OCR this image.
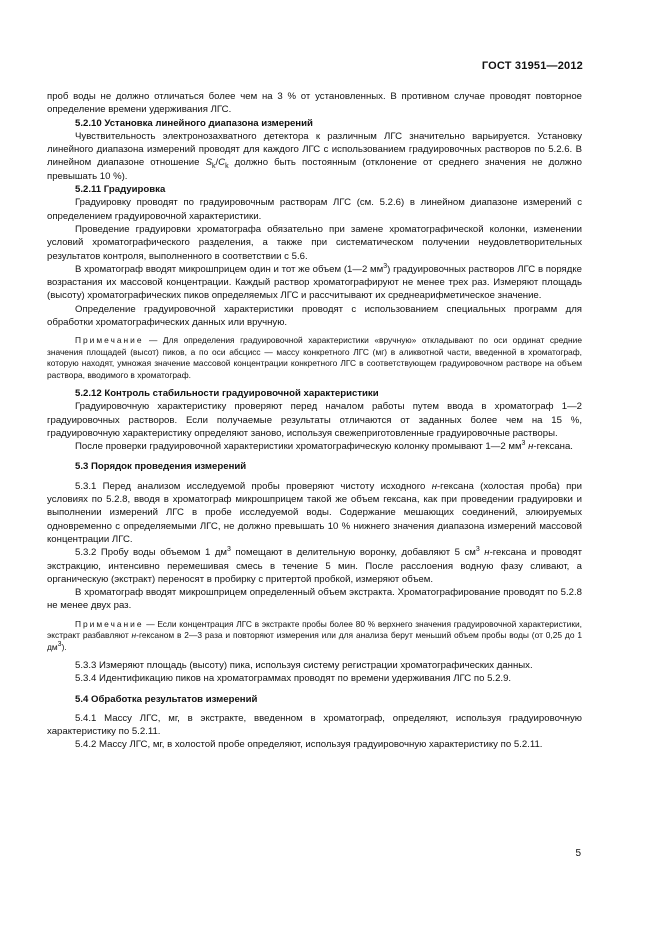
ГОСТ 31951—2012

проб воды не должно отличаться более чем на 3 % от установленных. В противном случае проводят повторное определение времени удерживания ЛГС.

5.2.10 Установка линейного диапазона измерений

Чувствительность электронозахватного детектора к различным ЛГС значительно варьируется. Установку линейного диапазона измерений проводят для каждого ЛГС с использованием градуировочных растворов по 5.2.6. В линейном диапазоне отношение $S_k/C_k$ должно быть постоянным (отклонение от среднего значения не должно превышать 10 %).

5.2.11 Градуировка

Градуировку проводят по градуировочным растворам ЛГС (см. 5.2.6) в линейном диапазоне измерений с определением градуировочной характеристики.

Проведение градуировки хроматографа обязательно при замене хроматографической колонки, изменении условий хроматографического разделения, а также при систематическом получении неудовлетворительных результатов контроля, выполненного в соответствии с 5.6.

В хроматограф вводят микрошприцем один и тот же объем (1—2 $мм^3$) градуировочных растворов ЛГС в порядке возрастания их массовой концентрации. Каждый раствор хроматографируют не менее трех раз. Измеряют площадь (высоту) хроматографических пиков определяемых ЛГС и рассчитывают их среднеарифметическое значение.

Определение градуировочной характеристики проводят с использованием специальных программ для обработки хроматографических данных или вручную.

Примечание — Для определения градуировочной характеристики «вручную» откладывают по оси ординат средние значения площадей (высот) пиков, а по оси абсцисс — массу конкретного ЛГС (мг) в аликвотной части, введенной в хроматограф, которую находят, умножая значение массовой концентрации конкретного ЛГС в соответствующем градуировочном растворе на объем раствора, вводимого в хроматограф.

5.2.12 Контроль стабильности градуировочной характеристики

Градуировочную характеристику проверяют перед началом работы путем ввода в хроматограф 1—2 градуировочных растворов. Если получаемые результаты отличаются от заданных более чем на 15 %, градуировочную характеристику определяют заново, используя свежеприготовленные градуировочные растворы.

После проверки градуировочной характеристики хроматографическую колонку промывают 1—2 $мм^3$ н-гексана.

5.3 Порядок проведения измерений

5.3.1 Перед анализом исследуемой пробы проверяют чистоту исходного н-гексана (холостая проба) при условиях по 5.2.8, вводя в хроматограф микрошприцем такой же объем гексана, как при проведении градуировки и выполнении измерений ЛГС в пробе исследуемой воды. Содержание мешающих соединений, элюируемых одновременно с определяемыми ЛГС, не должно превышать 10 % нижнего значения диапазона измерений массовой концентрации ЛГС.

5.3.2 Пробу воды объемом 1 $дм^3$ помещают в делительную воронку, добавляют 5 $см^3$ н-гексана и проводят экстракцию, интенсивно перемешивая смесь в течение 5 мин. После расслоения водную фазу сливают, а органическую (экстракт) переносят в пробирку с притертой пробкой, измеряют объем.

В хроматограф вводят микрошприцем определенный объем экстракта. Хроматографирование проводят по 5.2.8 не менее двух раз.

Примечание — Если концентрация ЛГС в экстракте пробы более 80 % верхнего значения градуировочной характеристики, экстракт разбавляют н-гексаном в 2—3 раза и повторяют измерения или для анализа берут меньший объем пробы воды (от 0,25 до 1 $дм^3$).

5.3.3 Измеряют площадь (высоту) пика, используя систему регистрации хроматографических данных.

5.3.4 Идентификацию пиков на хроматограммах проводят по времени удерживания ЛГС по 5.2.9.

5.4 Обработка результатов измерений

5.4.1 Массу ЛГС, мг, в экстракте, введенном в хроматограф, определяют, используя градуировочную характеристику по 5.2.11.

5.4.2 Массу ЛГС, мг, в холостой пробе определяют, используя градуировочную характеристику по 5.2.11.

5
